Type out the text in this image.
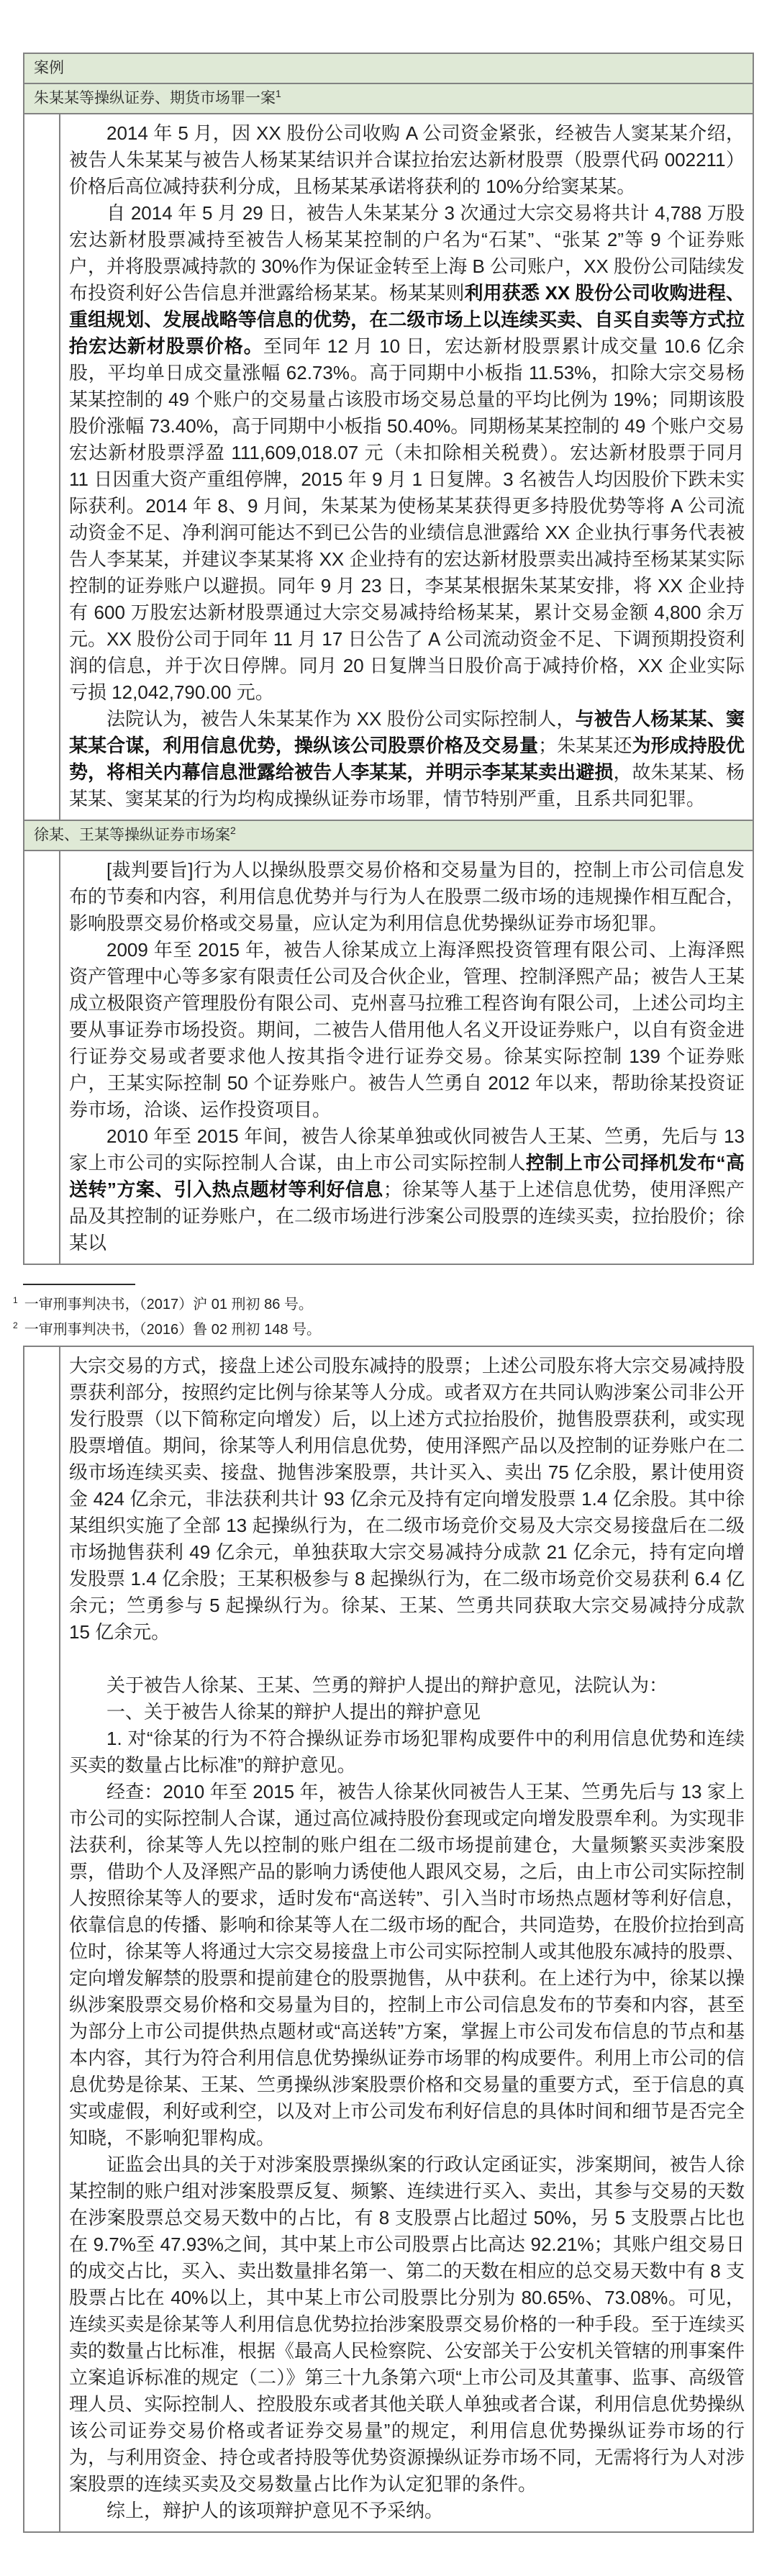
案例	
朱某某等操纵证券、期货市场罪一案$^1$

	2014 年 5 月，因 XX 股份公司收购 A 公司资金紧张，经被告人窦某某介绍，被告人朱某某与被告人杨某某结识并合谋拉抬宏达新材股票（股票代码 002211）价格后高位减持获利分成，且杨某某承诺将获利的 10%分给窦某某。

自 2014 年 5 月 29 日，被告人朱某某分 3 次通过大宗交易将共计 4,788 万股宏达新材股票减持至被告人杨某某控制的户名为“石某”、“张某 2”等 9 个证券账户，并将股票减持款的 30%作为保证金转至上海 B 公司账户，XX 股份公司陆续发布投资利好公告信息并泄露给杨某某。杨某某则利用获悉 XX 股份公司收购进程、重组规划、发展战略等信息的优势，在二级市场上以连续买卖、自买自卖等方式拉抬宏达新材股票价格。至同年 12 月 10 日，宏达新材股票累计成交量 10.6 亿余股，平均单日成交量涨幅 62.73%。高于同期中小板指 11.53%，扣除大宗交易杨某某控制的 49 个账户的交易量占该股市场交易总量的平均比例为 19%；同期该股股价涨幅 73.40%，高于同期中小板指 50.40%。同期杨某某控制的 49 个账户交易宏达新材股票浮盈 111,609,018.07 元（未扣除相关税费）。宏达新材股票于同月 11 日因重大资产重组停牌，2015 年 9 月 1 日复牌。3 名被告人均因股价下跌未实际获利。2014 年 8、9 月间，朱某某为使杨某某获得更多持股优势等将 A 公司流动资金不足、净利润可能达不到已公告的业绩信息泄露给 XX 企业执行事务代表被告人李某某，并建议李某某将 XX 企业持有的宏达新材股票卖出减持至杨某某实际控制的证券账户以避损。同年 9 月 23 日，李某某根据朱某某安排，将 XX 企业持有 600 万股宏达新材股票通过大宗交易减持给杨某某，累计交易金额 4,800 余万元。XX 股份公司于同年 11 月 17 日公告了 A 公司流动资金不足、下调预期投资利润的信息，并于次日停牌。同月 20 日复牌当日股价高于减持价格，XX 企业实际亏损 12,042,790.00 元。

法院认为，被告人朱某某作为 XX 股份公司实际控制人，与被告人杨某某、窦某某合谋，利用信息优势，操纵该公司股票价格及交易量；朱某某还为形成持股优势，将相关内幕信息泄露给被告人李某某，并明示李某某卖出避损，故朱某某、杨某某、窦某某的行为均构成操纵证券市场罪，情节特别严重，且系共同犯罪。

徐某、王某等操纵证券市场案$^2$

	[裁判要旨]行为人以操纵股票交易价格和交易量为目的，控制上市公司信息发布的节奏和内容，利用信息优势并与行为人在股票二级市场的违规操作相互配合，影响股票交易价格或交易量，应认定为利用信息优势操纵证券市场犯罪。

2009 年至 2015 年，被告人徐某成立上海泽熙投资管理有限公司、上海泽熙资产管理中心等多家有限责任公司及合伙企业，管理、控制泽熙产品；被告人王某成立极限资产管理股份有限公司、克州喜马拉雅工程咨询有限公司，上述公司均主要从事证券市场投资。期间，二被告人借用他人名义开设证券账户，以自有资金进行证券交易或者要求他人按其指令进行证券交易。徐某实际控制 139 个证券账户，王某实际控制 50 个证券账户。被告人竺勇自 2012 年以来，帮助徐某投资证券市场，洽谈、运作投资项目。

2010 年至 2015 年间，被告人徐某单独或伙同被告人王某、竺勇，先后与 13 家上市公司的实际控制人合谋，由上市公司实际控制人控制上市公司择机发布“高送转”方案、引入热点题材等利好信息；徐某等人基于上述信息优势，使用泽熙产品及其控制的证券账户，在二级市场进行涉案公司股票的连续买卖，拉抬股价；徐某以

$^1$ 一审刑事判决书，（2017）沪 01 刑初 86 号。
$^2$ 一审刑事判决书，（2016）鲁 02 刑初 148 号。

大宗交易的方式，接盘上述公司股东减持的股票；上述公司股东将大宗交易减持股票获利部分，按照约定比例与徐某等人分成。或者双方在共同认购涉案公司非公开发行股票（以下简称定向增发）后，以上述方式拉抬股价，抛售股票获利，或实现股票增值。期间，徐某等人利用信息优势，使用泽熙产品以及控制的证券账户在二级市场连续买卖、接盘、抛售涉案股票，共计买入、卖出 75 亿余股，累计使用资金 424 亿余元，非法获利共计 93 亿余元及持有定向增发股票 1.4 亿余股。其中徐某组织实施了全部 13 起操纵行为，在二级市场竞价交易及大宗交易接盘后在二级市场抛售获利 49 亿余元，单独获取大宗交易减持分成款 21 亿余元，持有定向增发股票 1.4 亿余股；王某积极参与 8 起操纵行为，在二级市场竞价交易获利 6.4 亿余元；竺勇参与 5 起操纵行为。徐某、王某、竺勇共同获取大宗交易减持分成款 15 亿余元。

关于被告人徐某、王某、竺勇的辩护人提出的辩护意见，法院认为：

一、关于被告人徐某的辩护人提出的辩护意见

1. 对“徐某的行为不符合操纵证券市场犯罪构成要件中的利用信息优势和连续买卖的数量占比标准”的辩护意见。

经查：2010 年至 2015 年，被告人徐某伙同被告人王某、竺勇先后与 13 家上市公司的实际控制人合谋，通过高位减持股份套现或定向增发股票牟利。为实现非法获利，徐某等人先以控制的账户组在二级市场提前建仓，大量频繁买卖涉案股票，借助个人及泽熙产品的影响力诱使他人跟风交易，之后，由上市公司实际控制人按照徐某等人的要求，适时发布“高送转”、引入当时市场热点题材等利好信息，依靠信息的传播、影响和徐某等人在二级市场的配合，共同造势，在股价拉抬到高位时，徐某等人将通过大宗交易接盘上市公司实际控制人或其他股东减持的股票、定向增发解禁的股票和提前建仓的股票抛售，从中获利。在上述行为中，徐某以操纵涉案股票交易价格和交易量为目的，控制上市公司信息发布的节奏和内容，甚至为部分上市公司提供热点题材或“高送转”方案，掌握上市公司发布信息的节点和基本内容，其行为符合利用信息优势操纵证券市场罪的构成要件。利用上市公司的信息优势是徐某、王某、竺勇操纵涉案股票价格和交易量的重要方式，至于信息的真实或虚假，利好或利空，以及对上市公司发布利好信息的具体时间和细节是否完全知晓，不影响犯罪构成。

证监会出具的关于对涉案股票操纵案的行政认定函证实，涉案期间，被告人徐某控制的账户组对涉案股票反复、频繁、连续进行买入、卖出，其参与交易的天数在涉案股票总交易天数中的占比，有 8 支股票占比超过 50%，另 5 支股票占比也在 9.7%至 47.93%之间，其中某上市公司股票占比高达 92.21%；其账户组交易日的成交占比，买入、卖出数量排名第一、第二的天数在相应的总交易天数中有 8 支股票占比在 40%以上，其中某上市公司股票比分别为 80.65%、73.08%。可见，连续买卖是徐某等人利用信息优势拉抬涉案股票交易价格的一种手段。至于连续买卖的数量占比标准，根据《最高人民检察院、公安部关于公安机关管辖的刑事案件立案追诉标准的规定（二）》第三十九条第六项“上市公司及其董事、监事、高级管理人员、实际控制人、控股股东或者其他关联人单独或者合谋，利用信息优势操纵该公司证券交易价格或者证券交易量”的规定，利用信息优势操纵证券市场的行为，与利用资金、持仓或者持股等优势资源操纵证券市场不同，无需将行为人对涉案股票的连续买卖及交易数量占比作为认定犯罪的条件。

综上，辩护人的该项辩护意见不予采纳。
